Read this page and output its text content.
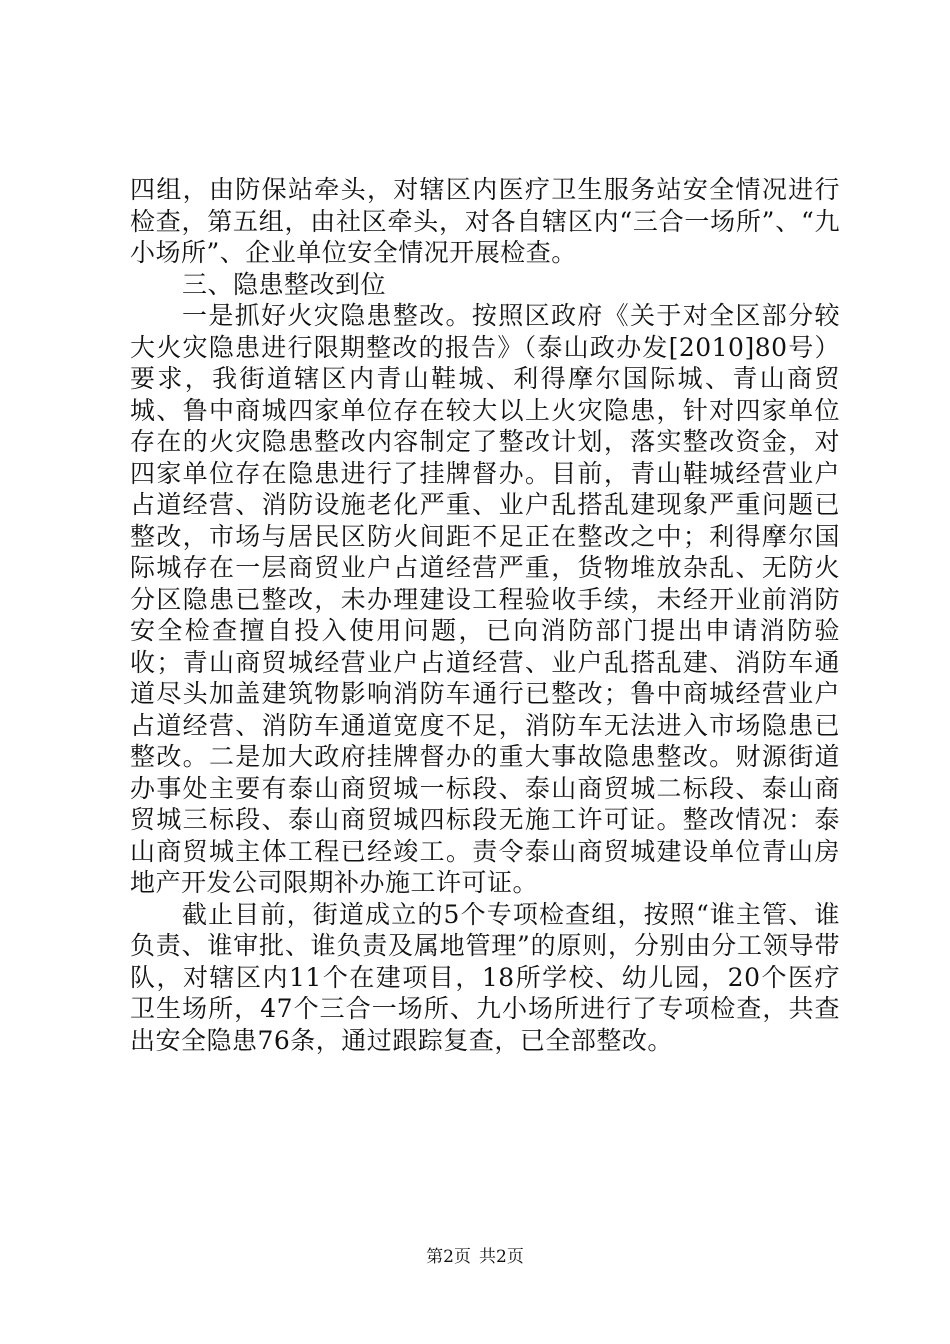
四组，由防保站牵头，对辖区内医疗卫生服务站安全情况进行检查，第五组，由社区牵头，对各自辖区内“三合一场所”、“九小场所”、企业单位安全情况开展检查。

三、隐患整改到位

一是抓好火灾隐患整改。按照区政府《关于对全区部分较大火灾隐患进行限期整改的报告》（泰山政办发[2010]80号）要求，我街道辖区内青山鞋城、利得摩尔国际城、青山商贸城、鲁中商城四家单位存在较大以上火灾隐患，针对四家单位存在的火灾隐患整改内容制定了整改计划，落实整改资金，对四家单位存在隐患进行了挂牌督办。目前，青山鞋城经营业户占道经营、消防设施老化严重、业户乱搭乱建现象严重问题已整改，市场与居民区防火间距不足正在整改之中；利得摩尔国际城存在一层商贸业户占道经营严重，货物堆放杂乱、无防火分区隐患已整改，未办理建设工程验收手续，未经开业前消防安全检查擅自投入使用问题，已向消防部门提出申请消防验收；青山商贸城经营业户占道经营、业户乱搭乱建、消防车通道尽头加盖建筑物影响消防车通行已整改；鲁中商城经营业户占道经营、消防车通道宽度不足，消防车无法进入市场隐患已整改。二是加大政府挂牌督办的重大事故隐患整改。财源街道办事处主要有泰山商贸城一标段、泰山商贸城二标段、泰山商贸城三标段、泰山商贸城四标段无施工许可证。整改情况：泰山商贸城主体工程已经竣工。责令泰山商贸城建设单位青山房地产开发公司限期补办施工许可证。

截止目前，街道成立的5个专项检查组，按照“谁主管、谁负责、谁审批、谁负责及属地管理”的原则，分别由分工领导带队，对辖区内11个在建项目，18所学校、幼儿园，20个医疗卫生场所，47个三合一场所、九小场所进行了专项检查，共查出安全隐患76条，通过跟踪复查，已全部整改。

第2页 共2页
